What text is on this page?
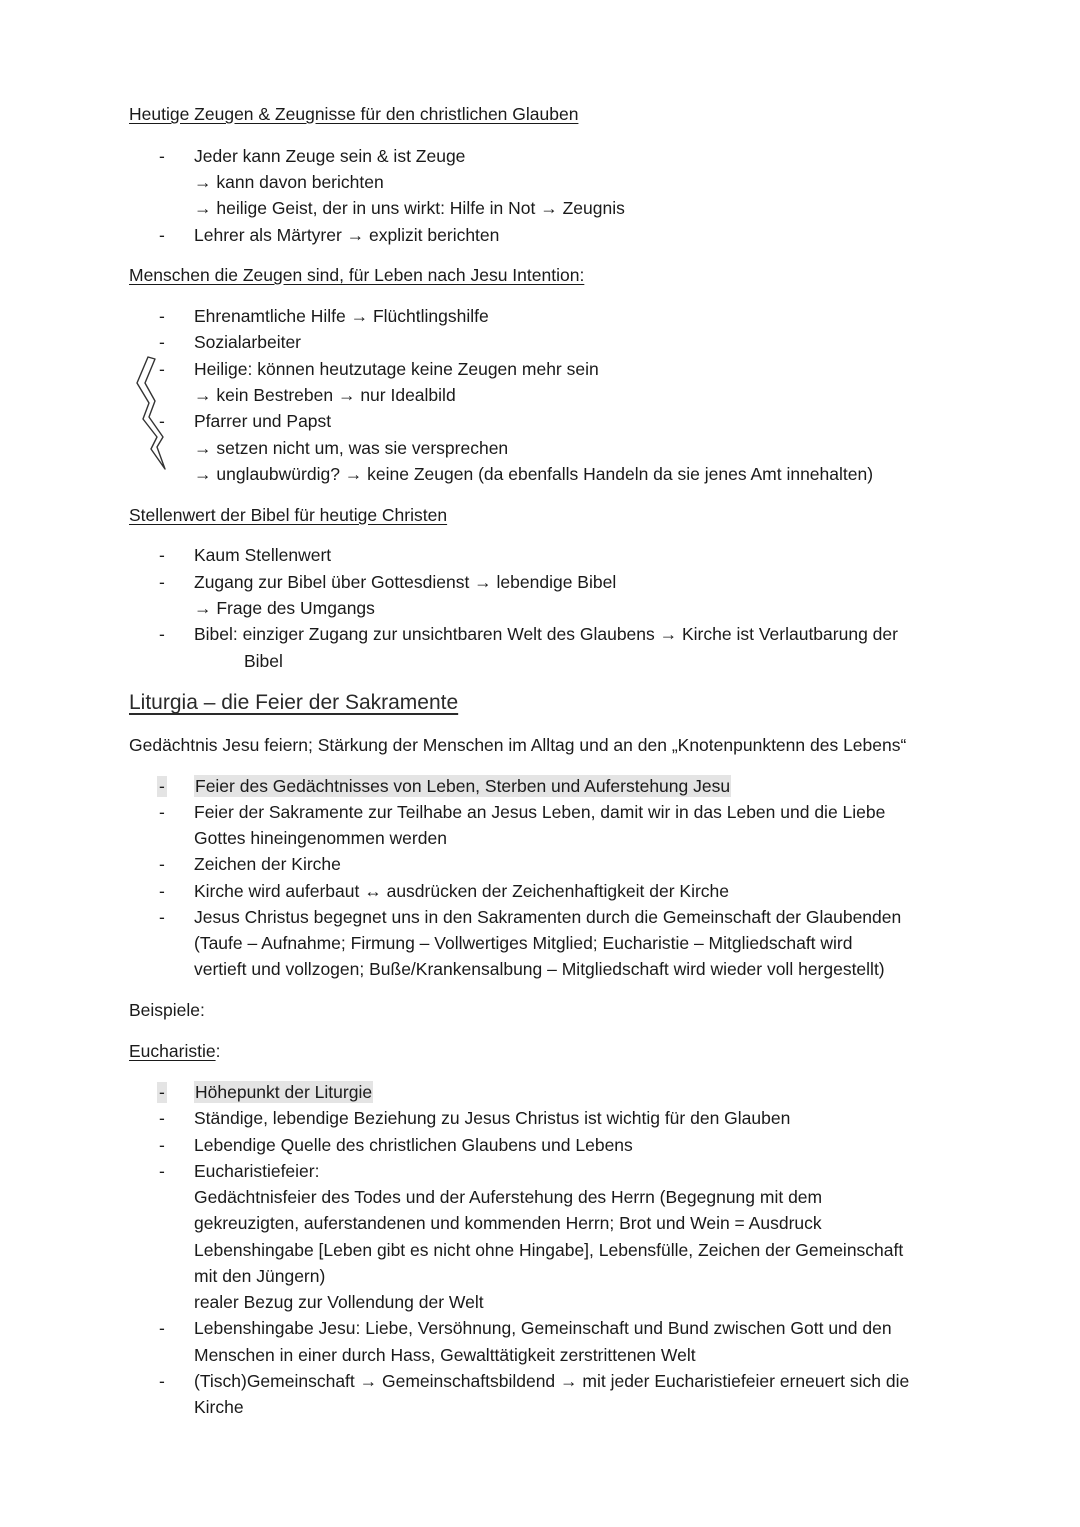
Heutige Zeugen & Zeugnisse für den christlichen Glauben
- Jeder kann Zeuge sein & ist Zeuge
→ kann davon berichten
→ heilige Geist, der in uns wirkt: Hilfe in Not → Zeugnis
- Lehrer als Märtyrer → explizit berichten
Menschen die Zeugen sind, für Leben nach Jesu Intention:
- Ehrenamtliche Hilfe → Flüchtlingshilfe
- Sozialarbeiter
- Heilige: können heutzutage keine Zeugen mehr sein
→ kein Bestreben → nur Idealbild
- Pfarrer und Papst
→ setzen nicht um, was sie versprechen
→ unglaubwürdig? → keine Zeugen (da ebenfalls Handeln da sie jenes Amt innehalten)
Stellenwert der Bibel für heutige Christen
- Kaum Stellenwert
- Zugang zur Bibel über Gottesdienst → lebendige Bibel
→ Frage des Umgangs
- Bibel: einziger Zugang zur unsichtbaren Welt des Glaubens → Kirche ist Verlautbarung der
Bibel
Liturgia – die Feier der Sakramente
Gedächtnis Jesu feiern; Stärkung der Menschen im Alltag und an den „Knotenpunktenn des Lebens“
- Feier des Gedächtnisses von Leben, Sterben und Auferstehung Jesu
- Feier der Sakramente zur Teilhabe an Jesus Leben, damit wir in das Leben und die Liebe
Gottes hineingenommen werden
- Zeichen der Kirche
- Kirche wird auferbaut ↔ ausdrücken der Zeichenhaftigkeit der Kirche
- Jesus Christus begegnet uns in den Sakramenten durch die Gemeinschaft der Glaubenden
(Taufe – Aufnahme; Firmung – Vollwertiges Mitglied; Eucharistie – Mitgliedschaft wird
vertieft und vollzogen; Buße/Krankensalbung – Mitgliedschaft wird wieder voll hergestellt)
Beispiele:
Eucharistie:
- Höhepunkt der Liturgie
- Ständige, lebendige Beziehung zu Jesus Christus ist wichtig für den Glauben
- Lebendige Quelle des christlichen Glaubens und Lebens
- Eucharistiefeier:
Gedächtnisfeier des Todes und der Auferstehung des Herrn (Begegnung mit dem
gekreuzigten, auferstandenen und kommenden Herrn; Brot und Wein = Ausdruck
Lebenshingabe [Leben gibt es nicht ohne Hingabe], Lebensfülle, Zeichen der Gemeinschaft
mit den Jüngern)
realer Bezug zur Vollendung der Welt
- Lebenshingabe Jesu: Liebe, Versöhnung, Gemeinschaft und Bund zwischen Gott und den
Menschen in einer durch Hass, Gewalttätigkeit zerstrittenen Welt
- (Tisch)Gemeinschaft → Gemeinschaftsbildend → mit jeder Eucharistiefeier erneuert sich die
Kirche
